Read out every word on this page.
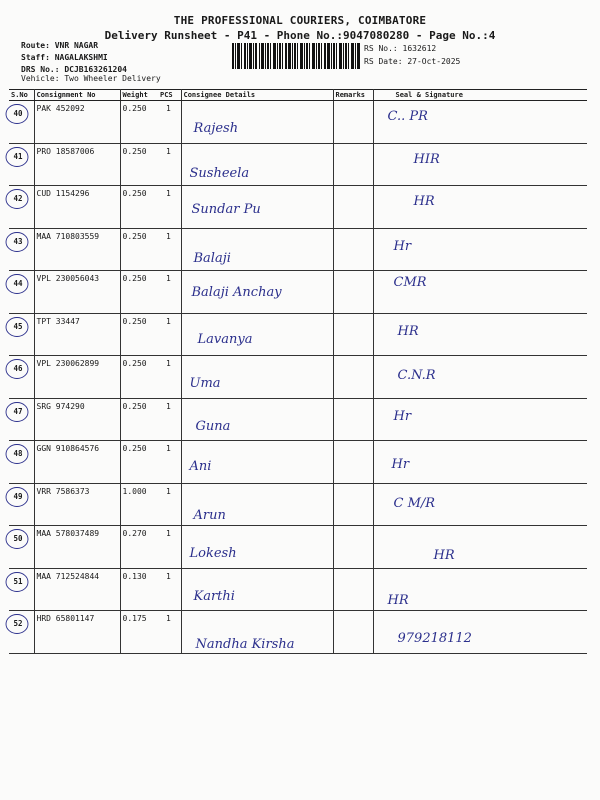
THE PROFESSIONAL COURIERS, COIMBATORE
Delivery Runsheet - P41 - Phone No.:9047080280 - Page No.:4
Route: VNR NAGAR
Staff: NAGALAKSHMI
DRS No.: DCJB163261204
Vehicle: Two Wheeler Delivery
RS No.: 1632612
RS Date: 27-Oct-2025
S.No	Consignment No	Weight	PCS	Consignee Details	Remarks	Seal & Signature

40	PAK 452092	0.250	1	Rajesh		C.. PR

41	PRO 18587006	0.250	1	Susheela		HIR

42	CUD 1154296	0.250	1	Sundar Pu		HR

43	MAA 710803559	0.250	1	Balaji		Hr

44	VPL 230056043	0.250	1	Balaji Anchay		CMR

45	TPT 33447	0.250	1	Lavanya		HR

46	VPL 230062899	0.250	1	Uma		C.N.R

47	SRG 974290	0.250	1	Guna		Hr

48	GGN 910864576	0.250	1	Ani		Hr

49	VRR 7586373	1.000	1	Arun		C M/R

50	MAA 578037489	0.270	1	Lokesh		HR

51	MAA 712524844	0.130	1	Karthi		HR

52	HRD 65801147	0.175	1	Nandha Kirsha		979218112
